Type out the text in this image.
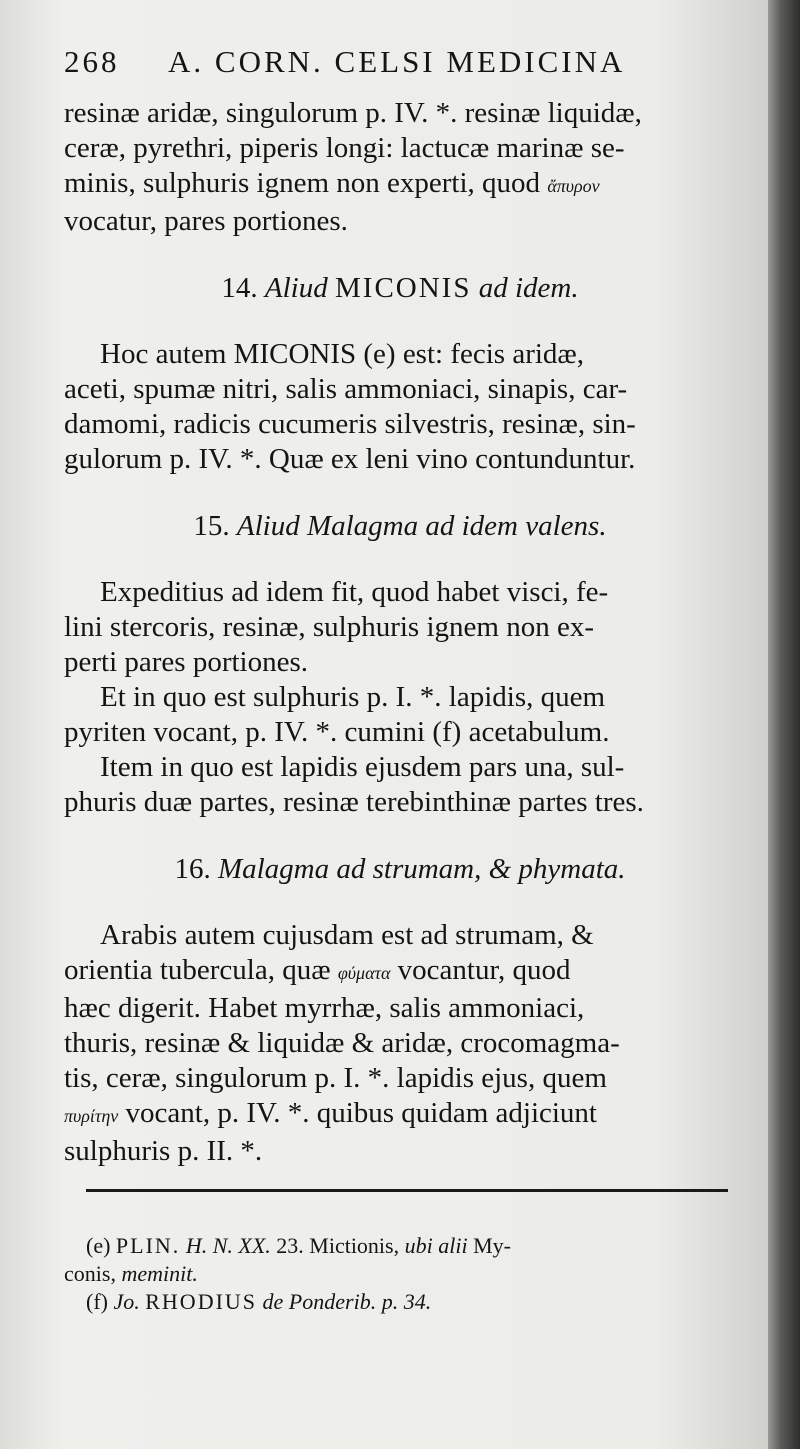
268	A. CORN. CELSI MEDICINA

resinæ aridæ, singulorum p. IV. *. resinæ liquidæ,

ceræ, pyrethri, piperis longi: lactucæ marinæ se-

minis, sulphuris ignem non experti, quod ἄπυρον

vocatur, pares portiones.

14. Aliud MICONIS ad idem.

Hoc autem MICONIS (e) est: fecis aridæ,

aceti, spumæ nitri, salis ammoniaci, sinapis, car-

damomi, radicis cucumeris silvestris, resinæ, sin-

gulorum p. IV. *. Quæ ex leni vino contunduntur.

15. Aliud Malagma ad idem valens.

Expeditius ad idem fit, quod habet visci, fe-

lini stercoris, resinæ, sulphuris ignem non ex-

perti pares portiones.

Et in quo est sulphuris p. I. *. lapidis, quem

pyriten vocant, p. IV. *. cumini (f) acetabulum.

Item in quo est lapidis ejusdem pars una, sul-

phuris duæ partes, resinæ terebinthinæ partes tres.

16. Malagma ad strumam, & phymata.

Arabis autem cujusdam est ad strumam, &

orientia tubercula, quæ φύματα vocantur, quod

hæc digerit. Habet myrrhæ, salis ammoniaci,

thuris, resinæ & liquidæ & aridæ, crocomagma-

tis, ceræ, singulorum p. I. *. lapidis ejus, quem

πυρίτην vocant, p. IV. *. quibus quidam adjiciunt

sulphuris p. II. *.

(e) PLIN. H. N. XX. 23. Mictionis, ubi alii My-

conis, meminit.

(f) Jo. RHODIUS de Ponderib. p. 34.
